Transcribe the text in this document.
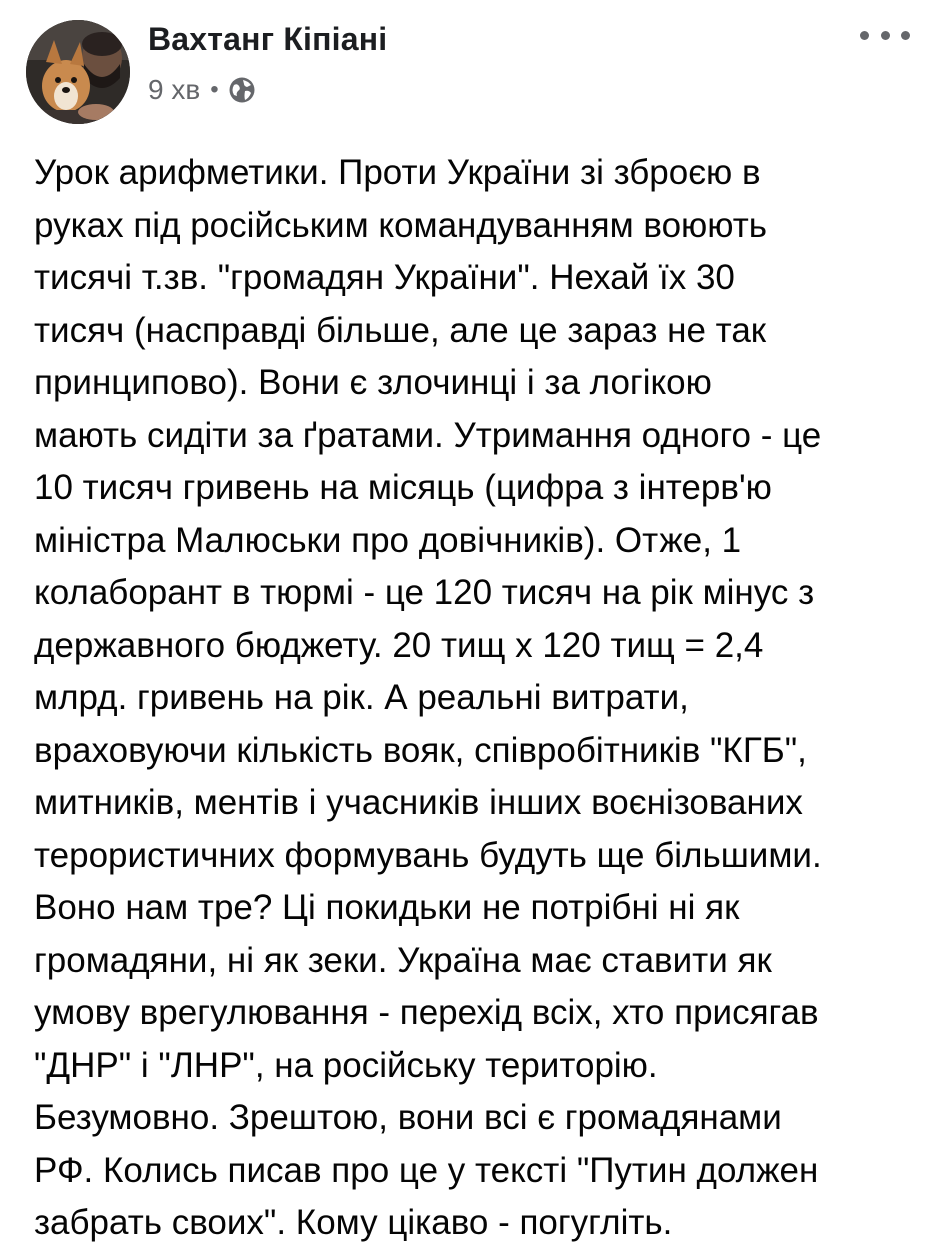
Вахтанг Кіпіані
9 хв •
Урок арифметики. Проти України зі зброєю в
руках під російським командуванням воюють
тисячі т.зв. "громадян України". Нехай їх 30
тисяч (насправді більше, але це зараз не так
принципово). Вони є злочинці і за логікою
мають сидіти за ґратами. Утримання одного - це
10 тисяч гривень на місяць (цифра з інтерв'ю
міністра Малюськи про довічників). Отже, 1
колаборант в тюрмі - це 120 тисяч на рік мінус з
державного бюджету. 20 тищ х 120 тищ = 2,4
млрд. гривень на рік. А реальні витрати,
враховуючи кількість вояк, співробітників "КГБ",
митників, ментів і учасників інших воєнізованих
терористичних формувань будуть ще більшими.
Воно нам тре? Ці покидьки не потрібні ні як
громадяни, ні як зеки. Україна має ставити як
умову врегулювання - перехід всіх, хто присягав
"ДНР" і "ЛНР", на російську територію.
Безумовно. Зрештою, вони всі є громадянами
РФ. Колись писав про це у тексті "Путин должен
забрать своих". Кому цікаво - погугліть.
